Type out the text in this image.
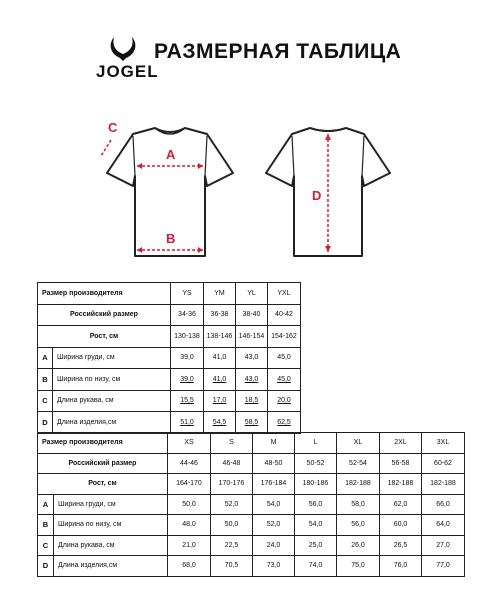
JOGEL
РАЗМЕРНАЯ ТАБЛИЦА
C
A
B
D
Размер производителя		YS	YM	YL	YXL
Российский размер		34-36	36-38	38-40	40-42
Рост, см		130-138	138-146	146-154	154-162
A	Ширина груди, см	39,0	41,0	43,0	45,0
B	Ширина по низу, см	39,0	41,0	43,0	45,0
C	Длина рукава, см	15,5	17,0	18,5	20,0
D	Длина изделия,см	51,0	54,5	58,5	62,5
Размер производителя		XS	S	M	L	XL	2XL	3XL
Российский размер		44-46	46-48	48-50	50-52	52-54	56-58	60-62
Рост, см		164-170	170-176	176-184	180-186	182-188	182-188	182-188
A	Ширина груди, см	50,0	52,0	54,0	56,0	58,0	62,0	66,0
B	Ширина по низу, см	48,0	50,0	52,0	54,0	56,0	60,0	64,0
C	Длина рукава, см	21,0	22,5	24,0	25,0	26,0	26,5	27,0
D	Длина изделия,см	68,0	70,5	73,0	74,0	75,0	76,0	77,0
